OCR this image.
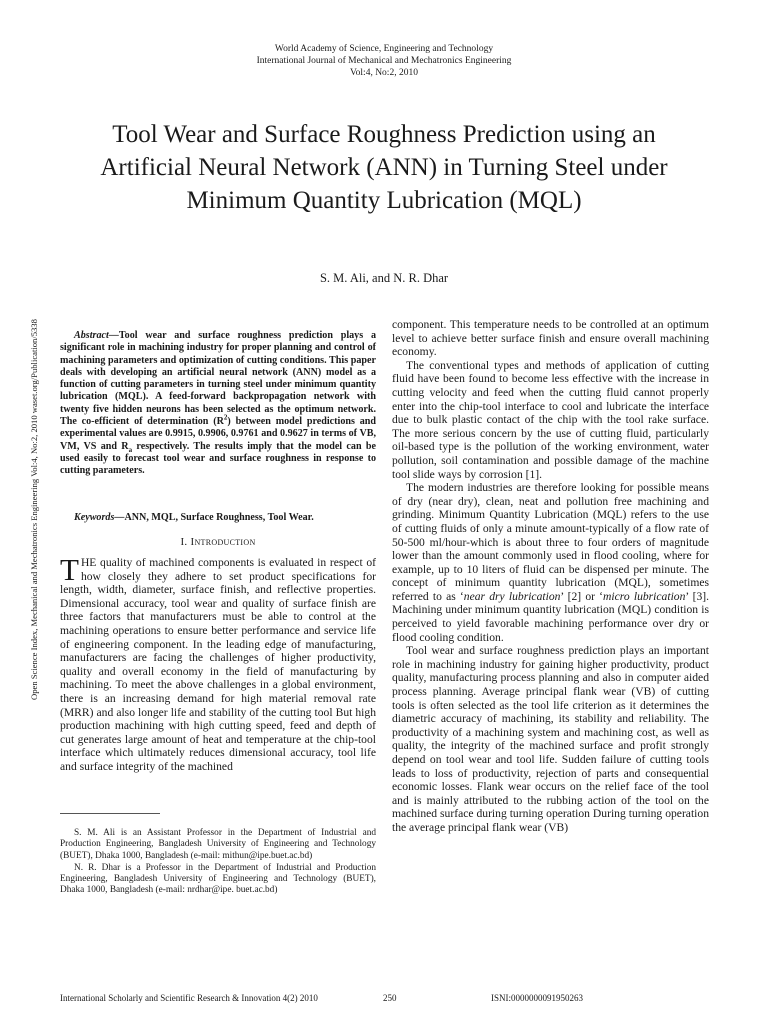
World Academy of Science, Engineering and Technology
International Journal of Mechanical and Mechatronics Engineering
Vol:4, No:2, 2010
Tool Wear and Surface Roughness Prediction using an Artificial Neural Network (ANN) in Turning Steel under Minimum Quantity Lubrication (MQL)
S. M. Ali, and N. R. Dhar
Open Science Index, Mechanical and Mechatronics Engineering Vol:4, No:2, 2010 waset.org/Publication/5338	Abstract—Tool wear and surface roughness prediction plays a significant role in machining industry for proper planning and control of machining parameters and optimization of cutting conditions. This paper deals with developing an artificial neural network (ANN) model as a function of cutting parameters in turning steel under minimum quantity lubrication (MQL). A feed-forward backpropagation network with twenty five hidden neurons has been selected as the optimum network. The co-efficient of determination $(R^2)$ between model predictions and experimental values are 0.9915, 0.9906, 0.9761 and 0.9627 in terms of VB, VM, VS and $R_a$ respectively. The results imply that the model can be used easily to forecast tool wear and surface roughness in response to cutting parameters.

Keywords—ANN, MQL, Surface Roughness, Tool Wear.

I. Introduction

THE quality of machined components is evaluated in respect of how closely they adhere to set product specifications for length, width, diameter, surface finish, and reflective properties. Dimensional accuracy, tool wear and quality of surface finish are three factors that manufacturers must be able to control at the machining operations to ensure better performance and service life of engineering component. In the leading edge of manufacturing, manufacturers are facing the challenges of higher productivity, quality and overall economy in the field of manufacturing by machining. To meet the above challenges in a global environment, there is an increasing demand for high material removal rate (MRR) and also longer life and stability of the cutting tool But high production machining with high cutting speed, feed and depth of cut generates large amount of heat and temperature at the chip-tool interface which ultimately reduces dimensional accuracy, tool life and surface integrity of the machined

S. M. Ali is an Assistant Professor in the Department of Industrial and Production Engineering, Bangladesh University of Engineering and Technology (BUET), Dhaka 1000, Bangladesh (e-mail: mithun@ipe.buet.ac.bd)

N. R. Dhar is a Professor in the Department of Industrial and Production Engineering, Bangladesh University of Engineering and Technology (BUET), Dhaka 1000, Bangladesh (e-mail: nrdhar@ipe. buet.ac.bd)

component. This temperature needs to be controlled at an optimum level to achieve better surface finish and ensure overall machining economy.

The conventional types and methods of application of cutting fluid have been found to become less effective with the increase in cutting velocity and feed when the cutting fluid cannot properly enter into the chip-tool interface to cool and lubricate the interface due to bulk plastic contact of the chip with the tool rake surface. The more serious concern by the use of cutting fluid, particularly oil-based type is the pollution of the working environment, water pollution, soil contamination and possible damage of the machine tool slide ways by corrosion [1].

The modern industries are therefore looking for possible means of dry (near dry), clean, neat and pollution free machining and grinding. Minimum Quantity Lubrication (MQL) refers to the use of cutting fluids of only a minute amount-typically of a flow rate of 50-500 ml/hour-which is about three to four orders of magnitude lower than the amount commonly used in flood cooling, where for example, up to 10 liters of fluid can be dispensed per minute. The concept of minimum quantity lubrication (MQL), sometimes referred to as ‘near dry lubrication’ [2] or ‘micro lubrication’ [3]. Machining under minimum quantity lubrication (MQL) condition is perceived to yield favorable machining performance over dry or flood cooling condition.

Tool wear and surface roughness prediction plays an important role in machining industry for gaining higher productivity, product quality, manufacturing process planning and also in computer aided process planning. Average principal flank wear (VB) of cutting tools is often selected as the tool life criterion as it determines the diametric accuracy of machining, its stability and reliability. The productivity of a machining system and machining cost, as well as quality, the integrity of the machined surface and profit strongly depend on tool wear and tool life. Sudden failure of cutting tools leads to loss of productivity, rejection of parts and consequential economic losses. Flank wear occurs on the relief face of the tool and is mainly attributed to the rubbing action of the tool on the machined surface during turning operation During turning operation the average principal flank wear (VB)

International Scholarly and Scientific Research & Innovation 4(2) 2010	250	ISNI:0000000091950263
